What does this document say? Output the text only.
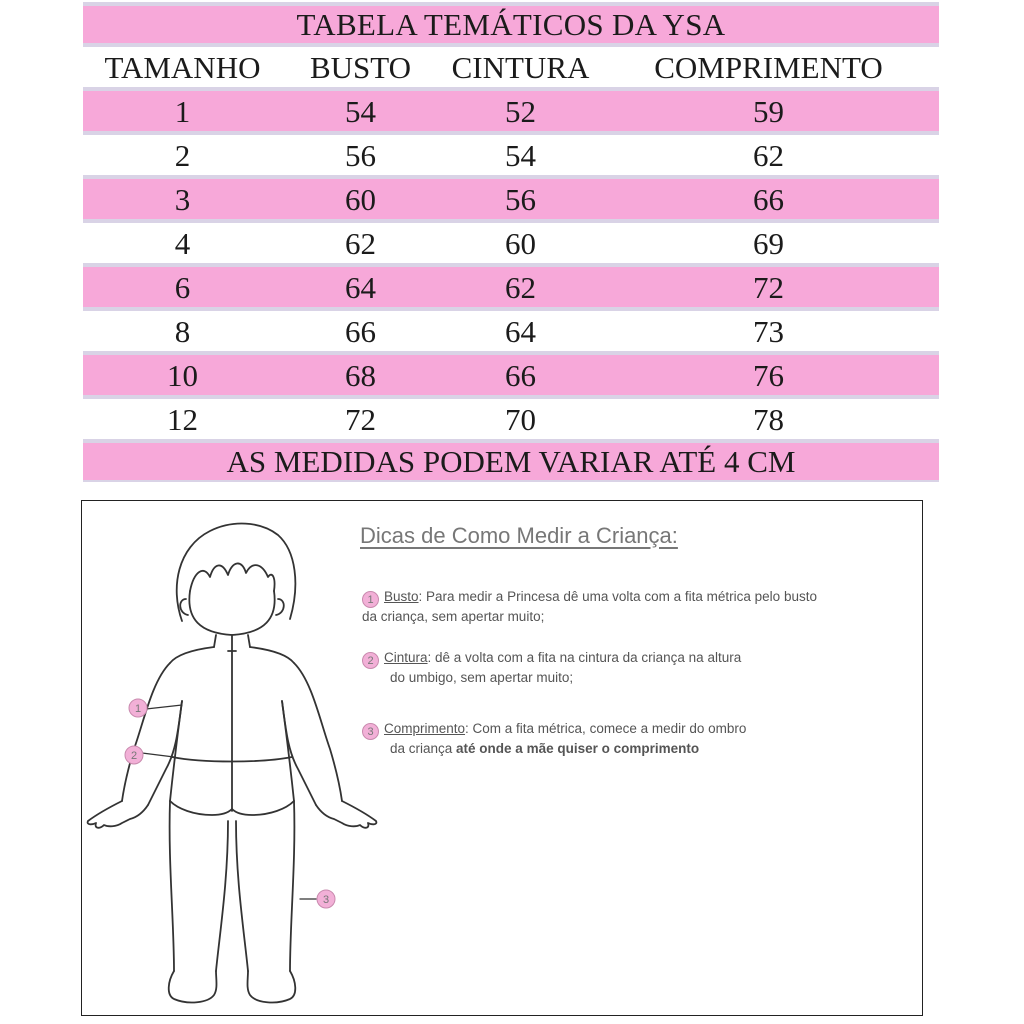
TABELA TEMÁTICOS DA YSA
TAMANHO	BUSTO	CINTURA	COMPRIMENTO
1	54	52	59
2	56	54	62
3	60	56	66
4	62	60	69
6	64	62	72
8	66	64	73
10	68	66	76
12	72	70	78
AS MEDIDAS PODEM VARIAR ATÉ 4 CM
1
2
3
Dicas de Como Medir a Criança:
1 Busto: Para medir a Princesa dê uma volta com a fita métrica pelo busto
da criança, sem apertar muito;
2 Cintura: dê a volta com a fita na cintura da criança na altura
do umbigo, sem apertar muito;
3 Comprimento: Com a fita métrica, comece a medir do ombro
da criança até onde a mãe quiser o comprimento
